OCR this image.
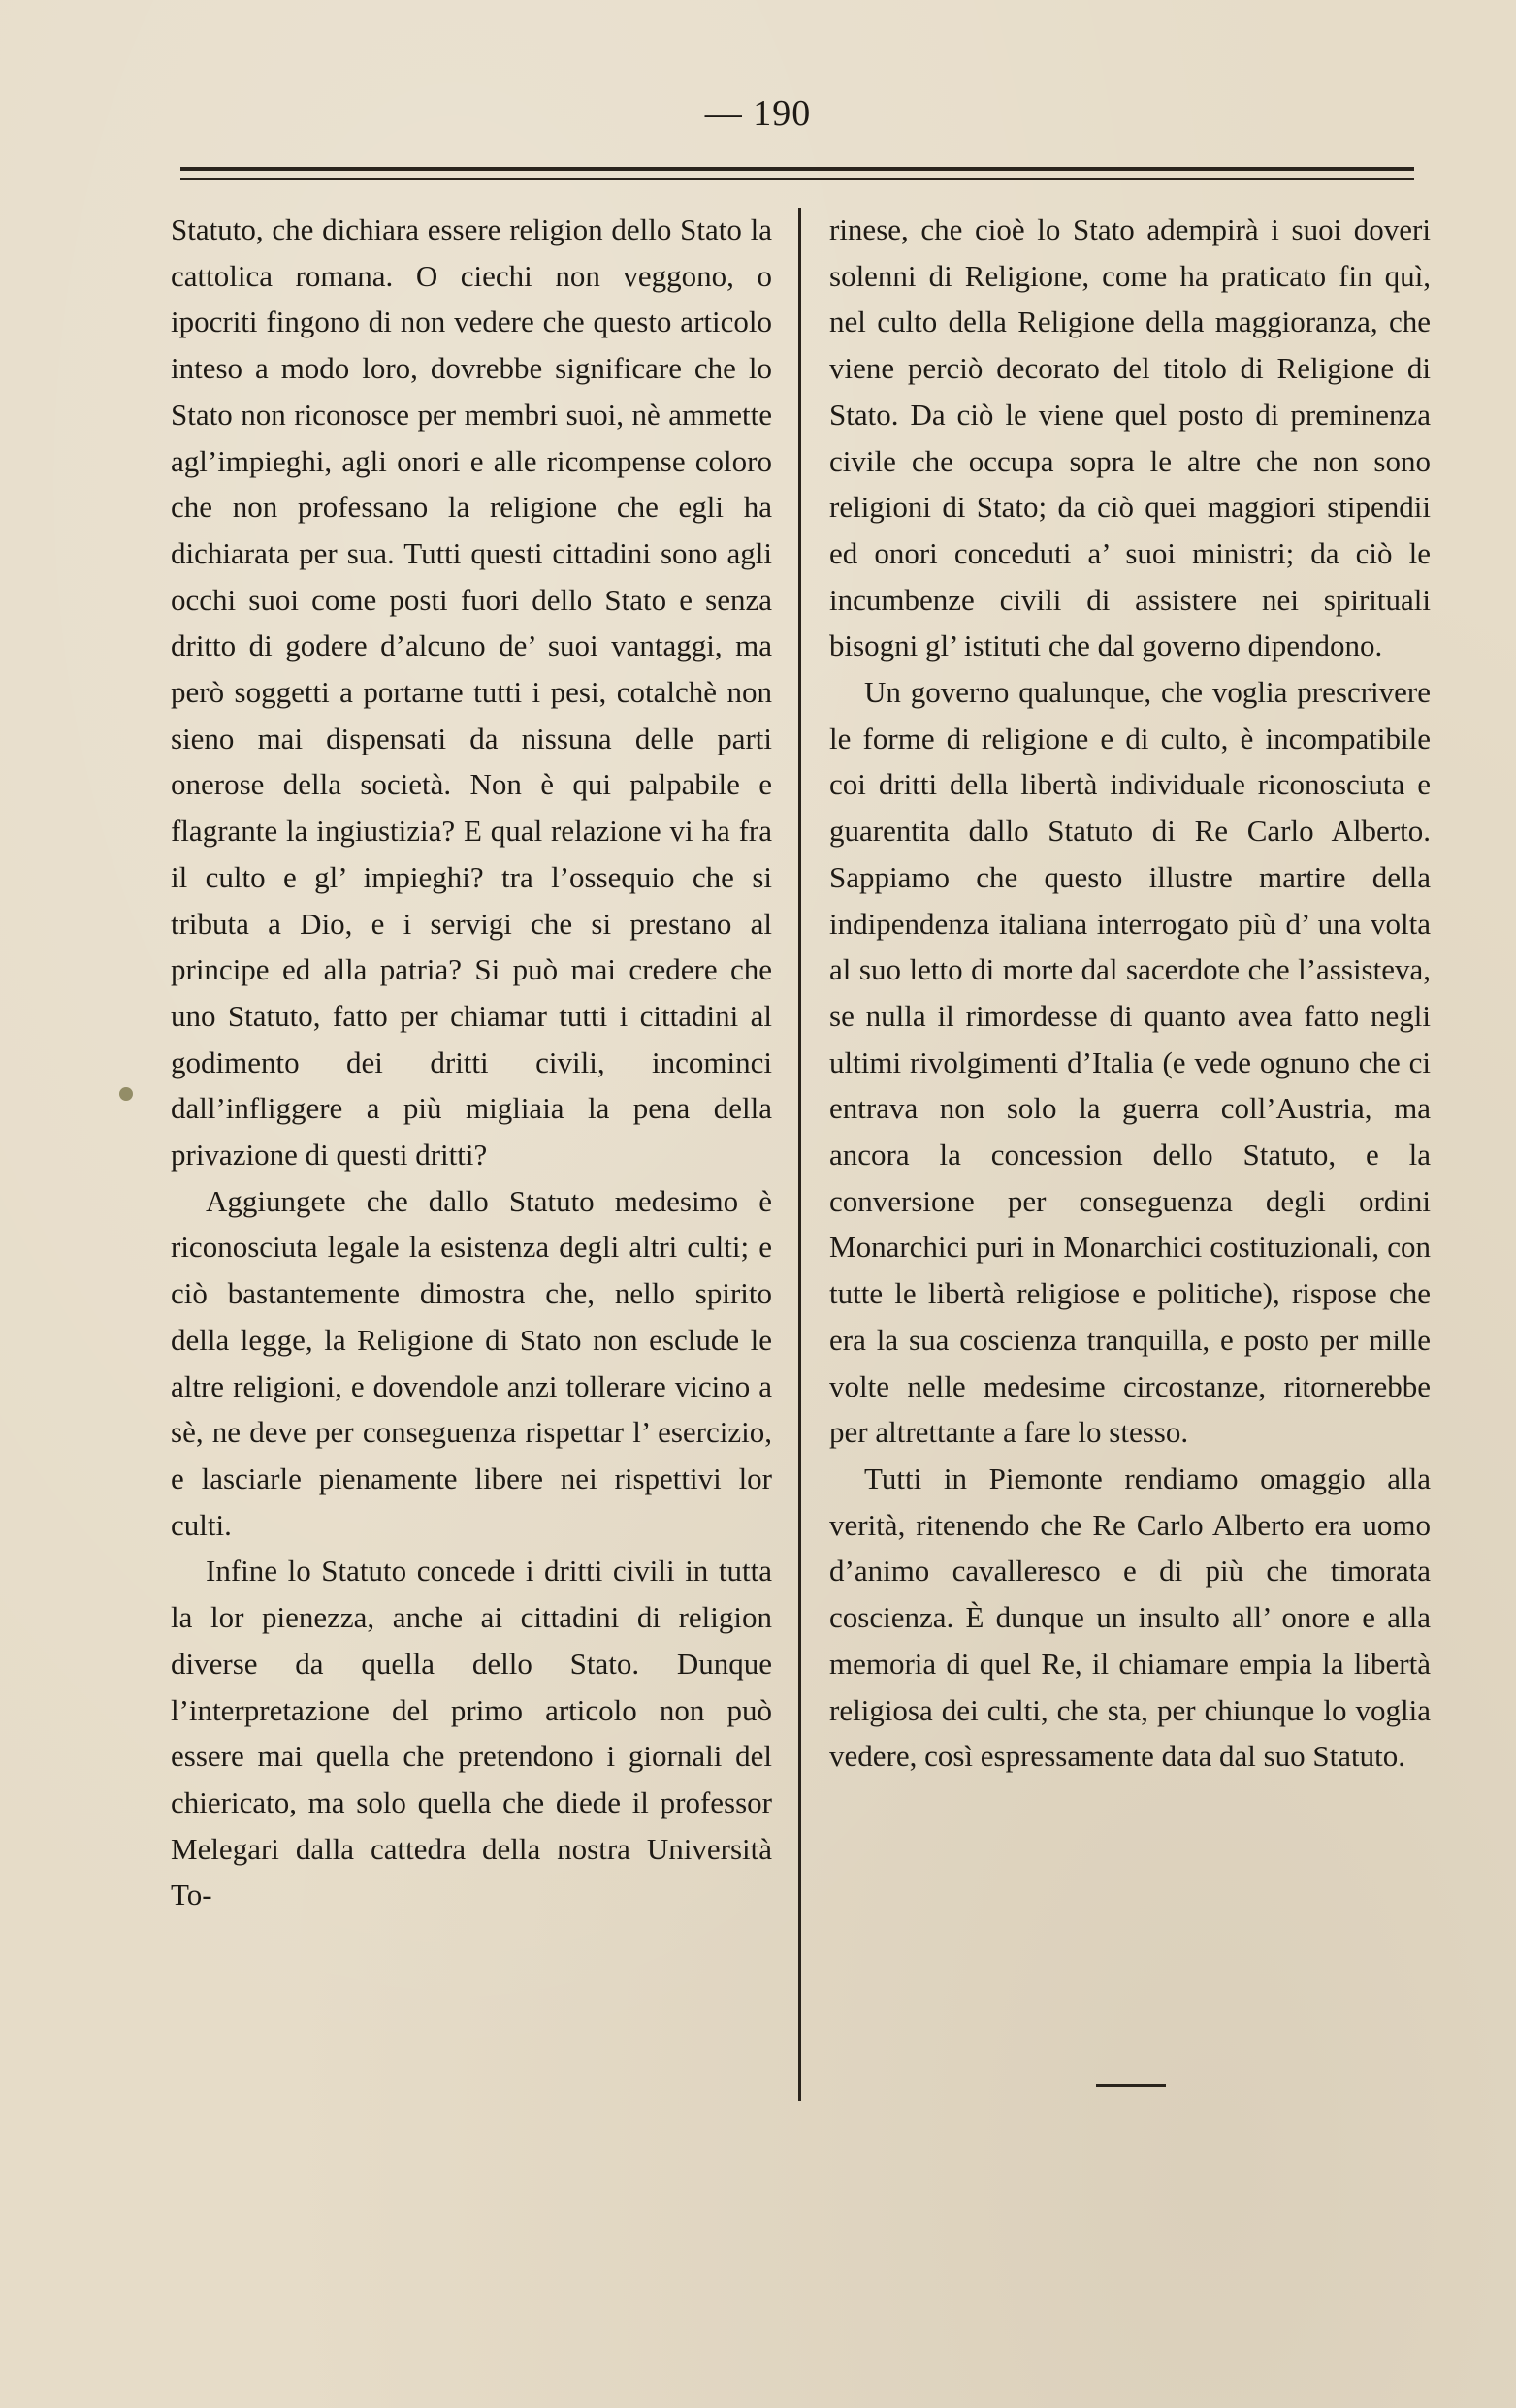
— 190

Statuto, che dichiara essere religion dello Stato la cattolica romana. O ciechi non veggono, o ipocriti fingono di non vedere che questo articolo inteso a modo loro, dovrebbe significare che lo Stato non riconosce per membri suoi, nè ammette agl’impieghi, agli onori e alle ricompense coloro che non professano la religione che egli ha dichiarata per sua. Tutti questi cittadini sono agli occhi suoi come posti fuori dello Stato e senza dritto di godere d’alcuno de’ suoi vantaggi, ma però soggetti a portarne tutti i pesi, cotalchè non sieno mai dispensati da nissuna delle parti onerose della società. Non è qui palpabile e flagrante la ingiustizia? E qual relazione vi ha fra il culto e gl’ impieghi? tra l’ossequio che si tributa a Dio, e i servigi che si prestano al principe ed alla patria? Si può mai credere che uno Statuto, fatto per chiamar tutti i cittadini al godimento dei dritti civili, incominci dall’infliggere a più migliaia la pena della privazione di questi dritti?

Aggiungete che dallo Statuto medesimo è riconosciuta legale la esistenza degli altri culti; e ciò bastantemente dimostra che, nello spirito della legge, la Religione di Stato non esclude le altre religioni, e dovendole anzi tollerare vicino a sè, ne deve per conseguenza rispettar l’ esercizio, e lasciarle pienamente libere nei rispettivi lor culti.

Infine lo Statuto concede i dritti civili in tutta la lor pienezza, anche ai cittadini di religion diverse da quella dello Stato. Dunque l’interpretazione del primo articolo non può essere mai quella che pretendono i giornali del chiericato, ma solo quella che diede il professor Melegari dalla cattedra della nostra Università To-

rinese, che cioè lo Stato adempirà i suoi doveri solenni di Religione, come ha praticato fin quì, nel culto della Religione della maggioranza, che viene perciò decorato del titolo di Religione di Stato. Da ciò le viene quel posto di preminenza civile che occupa sopra le altre che non sono religioni di Stato; da ciò quei maggiori stipendii ed onori conceduti a’ suoi ministri; da ciò le incumbenze civili di assistere nei spirituali bisogni gl’ istituti che dal governo dipendono.

Un governo qualunque, che voglia prescrivere le forme di religione e di culto, è incompatibile coi dritti della libertà individuale riconosciuta e guarentita dallo Statuto di Re Carlo Alberto. Sappiamo che questo illustre martire della indipendenza italiana interrogato più d’ una volta al suo letto di morte dal sacerdote che l’assisteva, se nulla il rimordesse di quanto avea fatto negli ultimi rivolgimenti d’Italia (e vede ognuno che ci entrava non solo la guerra coll’Austria, ma ancora la concession dello Statuto, e la conversione per conseguenza degli ordini Monarchici puri in Monarchici costituzionali, con tutte le libertà religiose e politiche), rispose che era la sua coscienza tranquilla, e posto per mille volte nelle medesime circostanze, ritornerebbe per altrettante a fare lo stesso.

Tutti in Piemonte rendiamo omaggio alla verità, ritenendo che Re Carlo Alberto era uomo d’animo cavalleresco e di più che timorata coscienza. È dunque un insulto all’ onore e alla memoria di quel Re, il chiamare empia la libertà religiosa dei culti, che sta, per chiunque lo voglia vedere, così espressamente data dal suo Statuto.
